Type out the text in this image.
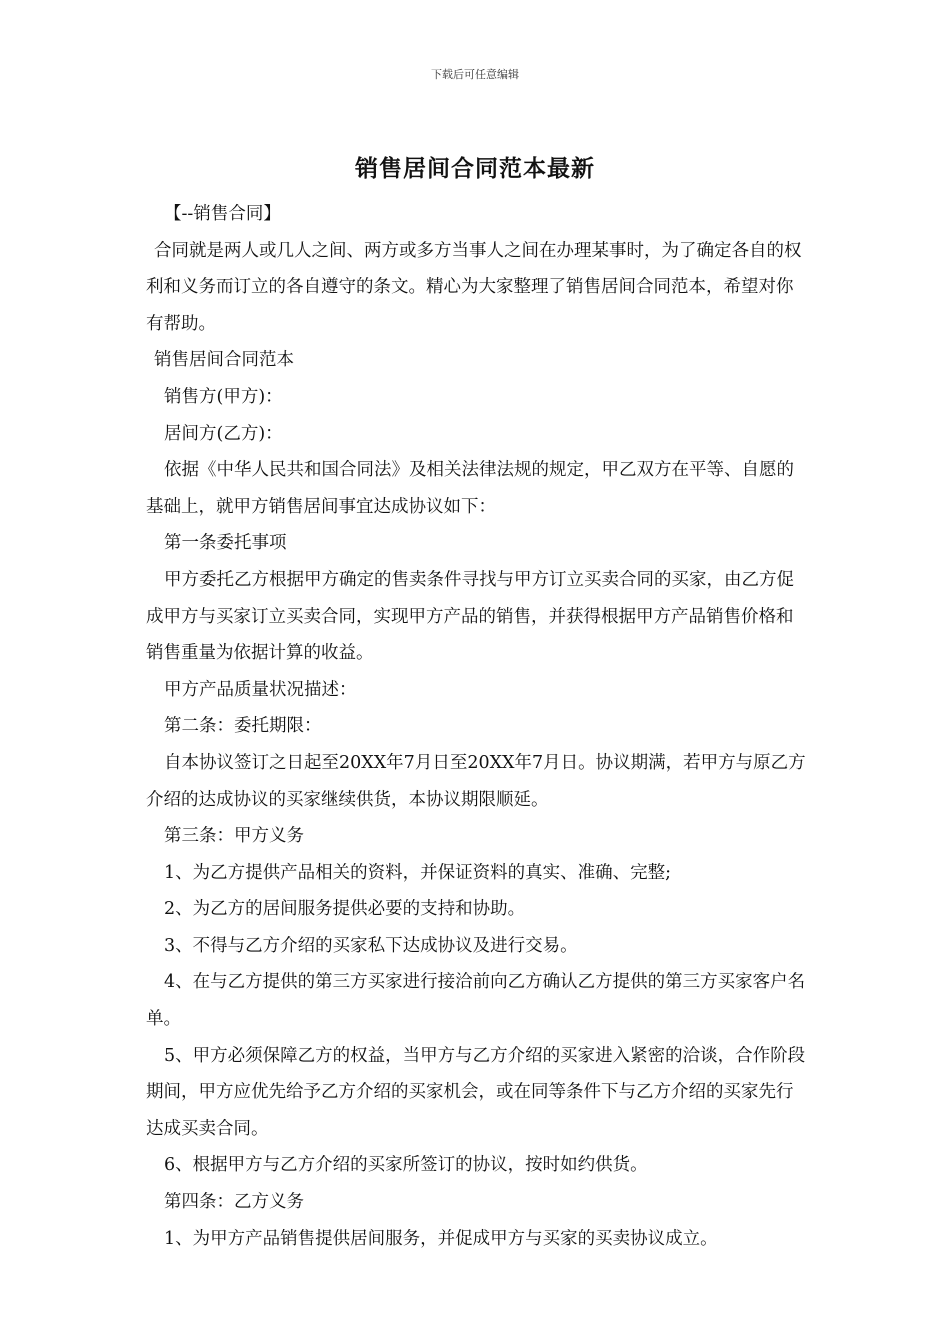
下载后可任意编辑
销售居间合同范本最新

【--销售合同】

合同就是两人或几人之间、两方或多方当事人之间在办理某事时，为了确定各自的权利和义务而订立的各自遵守的条文。精心为大家整理了销售居间合同范本，希望对你有帮助。

销售居间合同范本

销售方(甲方)：

居间方(乙方)：

依据《中华人民共和国合同法》及相关法律法规的规定，甲乙双方在平等、自愿的基础上，就甲方销售居间事宜达成协议如下：

第一条委托事项

甲方委托乙方根据甲方确定的售卖条件寻找与甲方订立买卖合同的买家，由乙方促成甲方与买家订立买卖合同，实现甲方产品的销售，并获得根据甲方产品销售价格和销售重量为依据计算的收益。

甲方产品质量状况描述：

第二条：委托期限：

自本协议签订之日起至20XX年7月日至20XX年7月日。协议期满，若甲方与原乙方介绍的达成协议的买家继续供货，本协议期限顺延。

第三条：甲方义务

1、为乙方提供产品相关的资料，并保证资料的真实、准确、完整;

2、为乙方的居间服务提供必要的支持和协助。

3、不得与乙方介绍的买家私下达成协议及进行交易。

4、在与乙方提供的第三方买家进行接洽前向乙方确认乙方提供的第三方买家客户名单。

5、甲方必须保障乙方的权益，当甲方与乙方介绍的买家进入紧密的洽谈，合作阶段期间，甲方应优先给予乙方介绍的买家机会，或在同等条件下与乙方介绍的买家先行达成买卖合同。

6、根据甲方与乙方介绍的买家所签订的协议，按时如约供货。

第四条：乙方义务

1、为甲方产品销售提供居间服务，并促成甲方与买家的买卖协议成立。
